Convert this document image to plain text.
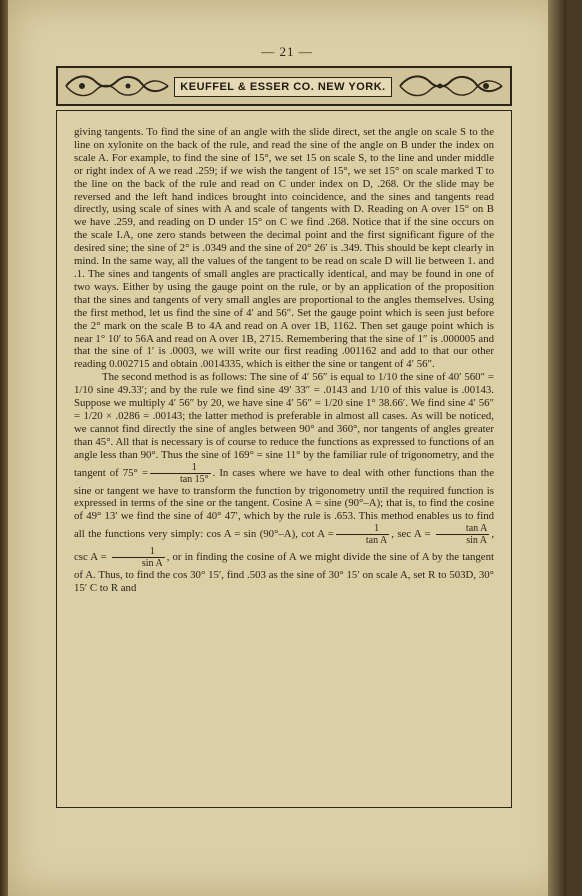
— 21 —
KEUFFEL & ESSER CO. NEW YORK.

giving tangents. To find the sine of an angle with the slide direct, set the angle on scale S to the line on xylonite on the back of the rule, and read the sine of the angle on B under the index on scale A. For example, to find the sine of 15°, we set 15 on scale S, to the line and under middle or right index of A we read .259; if we wish the tangent of 15°, we set 15° on scale marked T to the line on the back of the rule and read on C under index on D, .268. Or the slide may be reversed and the left hand indices brought into coincidence, and the sines and tangents read directly, using scale of sines with A and scale of tangents with D. Reading on A over 15° on B we have .259, and reading on D under 15° on C we find .268. Notice that if the sine occurs on the scale I.A, one zero stands between the decimal point and the first significant figure of the desired sine; the sine of 2° is .0349 and the sine of 20° 26′ is .349. This should be kept clearly in mind. In the same way, all the values of the tangent to be read on scale D will lie between 1. and .1. The sines and tangents of small angles are practically identical, and may be found in one of two ways. Either by using the gauge point on the rule, or by an application of the proposition that the sines and tangents of very small angles are proportional to the angles themselves. Using the first method, let us find the sine of 4′ and 56″. Set the gauge point which is seen just before the 2° mark on the scale B to 4A and read on A over 1B, 1162. Then set gauge point which is near 1° 10′ to 56A and read on A over 1B, 2715. Remembering that the sine of 1″ is .000005 and that the sine of 1′ is .0003, we will write our first reading .001162 and add to that our other reading 0.002715 and obtain .0014335, which is either the sine or tangent of 4′ 56″.

The second method is as follows: The sine of 4′ 56″ is equal to 1/10 the sine of 40′ 560″ = 1/10 sine 49.33′; and by the rule we find sine 49′ 33″ = .0143 and 1/10 of this value is .00143. Suppose we multiply 4′ 56″ by 20, we have sine 4′ 56″ = 1/20 sine 1° 38.66′. We find sine 4′ 56″ = 1/20 × .0286 = .00143; the latter method is preferable in almost all cases. As will be noticed, we cannot find directly the sine of angles between 90° and 360°, nor tangents of angles greater than 45°. All that is necessary is of course to reduce the functions as expressed to functions of an angle less than 90°. Thus the sine of 169° = sine 11° by the familiar rule of trigonometry, and the tangent of $75^\circ = \frac{1}{\tan 15^\circ}$ . In cases where we have to deal with other functions than the sine or tangent we have to transform the function by trigonometry until the required function is expressed in terms of the sine or the tangent. Cosine A = sine (90°–A); that is, to find the cosine of 49° 13′ we find the sine of 40° 47′, which by the rule is .653. This method enables us to find all the functions very simply: cos A = sin (90°–A), $\cot A = \frac{1}{\text{tan A}}$ , $\sec A = \frac{\text{tan A}}{\text{sin A}}$ , $\csc A = \frac{1}{\text{sin A}}$ , or in finding the cosine of A we might divide the sine of A by the tangent of A. Thus, to find the cos 30° 15′, find .503 as the sine of 30° 15′ on scale A, set R to 503D, 30° 15′ C to R and
